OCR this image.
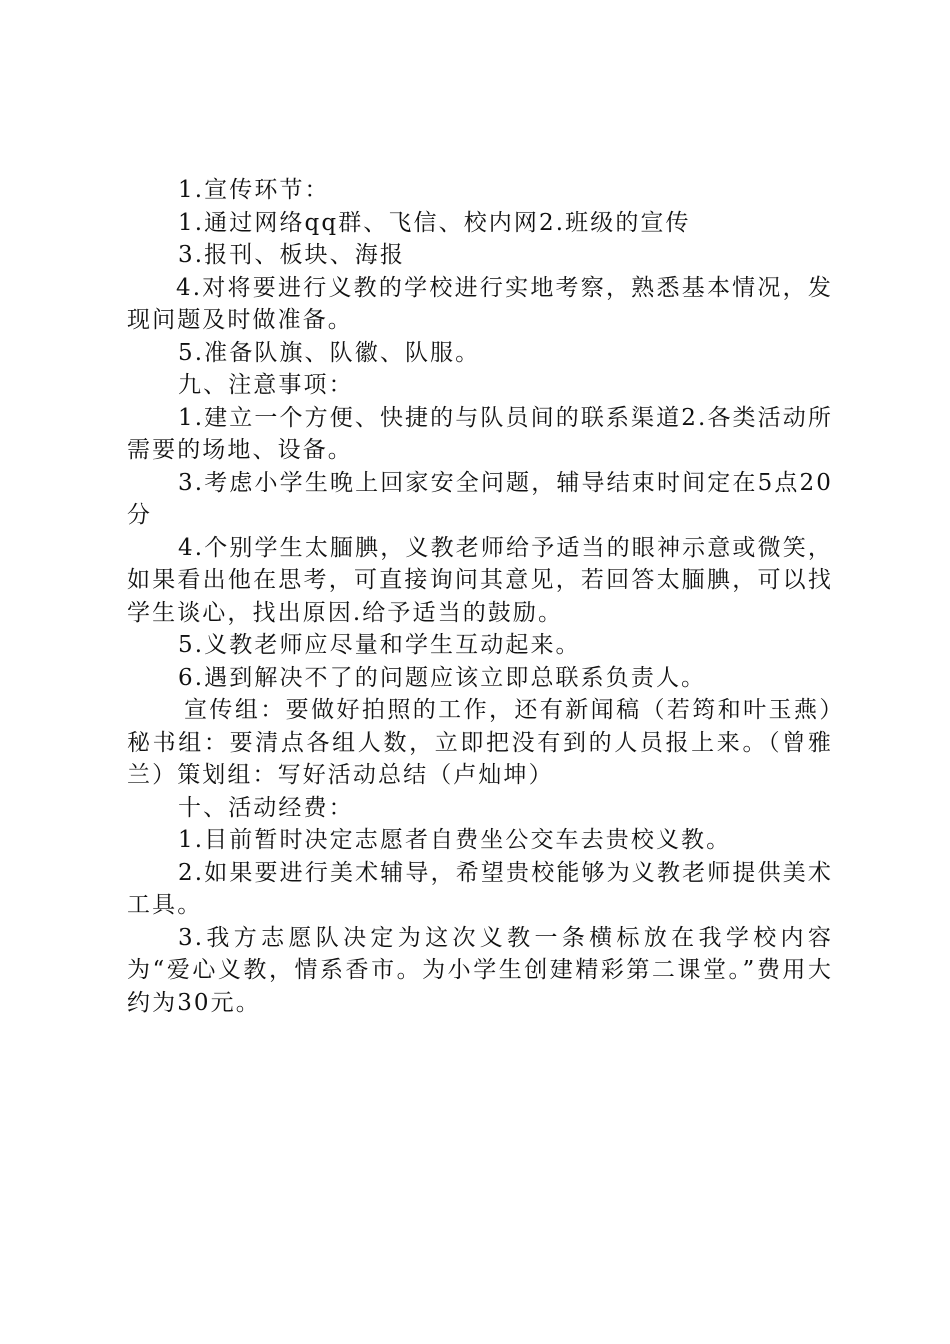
1.宣传环节：

1.通过网络qq群、飞信、校内网2.班级的宣传

3.报刊、板块、海报

4.对将要进行义教的学校进行实地考察，熟悉基本情况，发现问题及时做准备。

5.准备队旗、队徽、队服。

九、注意事项：

1.建立一个方便、快捷的与队员间的联系渠道2.各类活动所需要的场地、设备。

3.考虑小学生晚上回家安全问题，辅导结束时间定在5点20分

4.个别学生太腼腆，义教老师给予适当的眼神示意或微笑，如果看出他在思考，可直接询问其意见，若回答太腼腆，可以找学生谈心，找出原因.给予适当的鼓励。

5.义教老师应尽量和学生互动起来。

6.遇到解决不了的问题应该立即总联系负责人。

宣传组：要做好拍照的工作，还有新闻稿（若筠和叶玉燕）秘书组：要清点各组人数，立即把没有到的人员报上来。（曾雅兰）策划组：写好活动总结（卢灿坤）

十、活动经费：

1.目前暂时决定志愿者自费坐公交车去贵校义教。

2.如果要进行美术辅导，希望贵校能够为义教老师提供美术工具。

3.我方志愿队决定为这次义教一条横标放在我学校内容为“爱心义教，情系香市。为小学生创建精彩第二课堂。”费用大约为30元。
